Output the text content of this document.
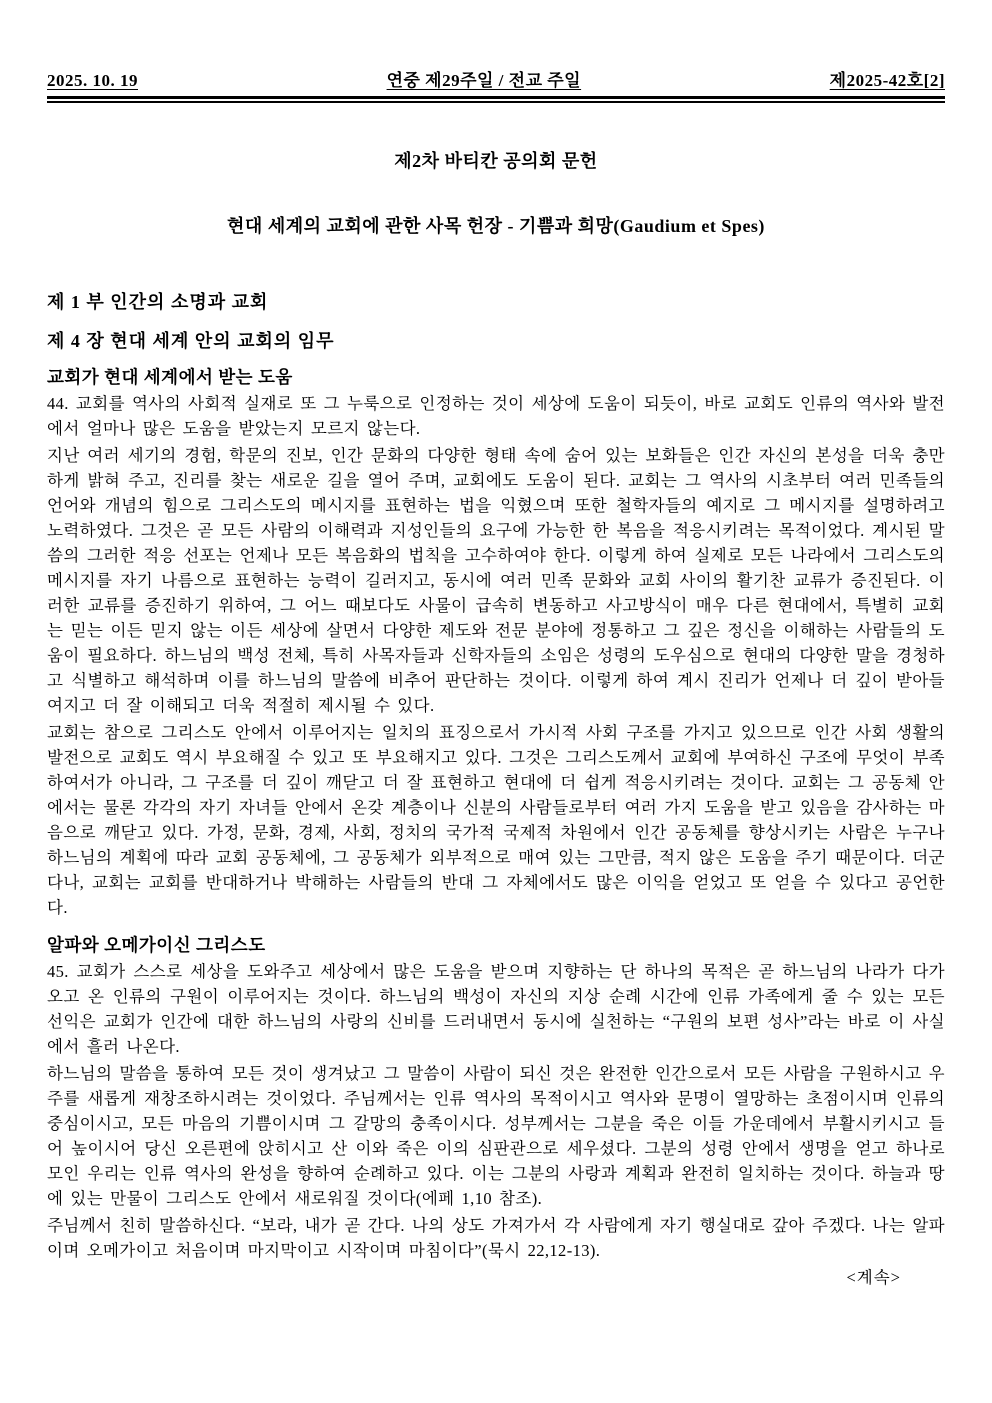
2025. 10. 19	연중 제29주일 / 전교 주일	제2025-42호[2]
제2차 바티칸 공의회 문헌
현대 세계의 교회에 관한 사목 헌장 - 기쁨과 희망(Gaudium et Spes)
제 1 부 인간의 소명과 교회
제 4 장 현대 세계 안의 교회의 임무
교회가 현대 세계에서 받는 도움

44. 교회를 역사의 사회적 실재로 또 그 누룩으로 인정하는 것이 세상에 도움이 되듯이, 바로 교회도 인류의 역사와 발전에서 얼마나 많은 도움을 받았는지 모르지 않는다.

지난 여러 세기의 경험, 학문의 진보, 인간 문화의 다양한 형태 속에 숨어 있는 보화들은 인간 자신의 본성을 더욱 충만하게 밝혀 주고, 진리를 찾는 새로운 길을 열어 주며, 교회에도 도움이 된다. 교회는 그 역사의 시초부터 여러 민족들의 언어와 개념의 힘으로 그리스도의 메시지를 표현하는 법을 익혔으며 또한 철학자들의 예지로 그 메시지를 설명하려고 노력하였다. 그것은 곧 모든 사람의 이해력과 지성인들의 요구에 가능한 한 복음을 적응시키려는 목적이었다. 계시된 말씀의 그러한 적응 선포는 언제나 모든 복음화의 법칙을 고수하여야 한다. 이렇게 하여 실제로 모든 나라에서 그리스도의 메시지를 자기 나름으로 표현하는 능력이 길러지고, 동시에 여러 민족 문화와 교회 사이의 활기찬 교류가 증진된다. 이러한 교류를 증진하기 위하여, 그 어느 때보다도 사물이 급속히 변동하고 사고방식이 매우 다른 현대에서, 특별히 교회는 믿는 이든 믿지 않는 이든 세상에 살면서 다양한 제도와 전문 분야에 정통하고 그 깊은 정신을 이해하는 사람들의 도움이 필요하다. 하느님의 백성 전체, 특히 사목자들과 신학자들의 소임은 성령의 도우심으로 현대의 다양한 말을 경청하고 식별하고 해석하며 이를 하느님의 말씀에 비추어 판단하는 것이다. 이렇게 하여 계시 진리가 언제나 더 깊이 받아들여지고 더 잘 이해되고 더욱 적절히 제시될 수 있다.

교회는 참으로 그리스도 안에서 이루어지는 일치의 표징으로서 가시적 사회 구조를 가지고 있으므로 인간 사회 생활의 발전으로 교회도 역시 부요해질 수 있고 또 부요해지고 있다. 그것은 그리스도께서 교회에 부여하신 구조에 무엇이 부족하여서가 아니라, 그 구조를 더 깊이 깨닫고 더 잘 표현하고 현대에 더 쉽게 적응시키려는 것이다. 교회는 그 공동체 안에서는 물론 각각의 자기 자녀들 안에서 온갖 계층이나 신분의 사람들로부터 여러 가지 도움을 받고 있음을 감사하는 마음으로 깨닫고 있다. 가정, 문화, 경제, 사회, 정치의 국가적 국제적 차원에서 인간 공동체를 향상시키는 사람은 누구나 하느님의 계획에 따라 교회 공동체에, 그 공동체가 외부적으로 매여 있는 그만큼, 적지 않은 도움을 주기 때문이다. 더군다나, 교회는 교회를 반대하거나 박해하는 사람들의 반대 그 자체에서도 많은 이익을 얻었고 또 얻을 수 있다고 공언한다.

알파와 오메가이신 그리스도

45. 교회가 스스로 세상을 도와주고 세상에서 많은 도움을 받으며 지향하는 단 하나의 목적은 곧 하느님의 나라가 다가오고 온 인류의 구원이 이루어지는 것이다. 하느님의 백성이 자신의 지상 순례 시간에 인류 가족에게 줄 수 있는 모든 선익은 교회가 인간에 대한 하느님의 사랑의 신비를 드러내면서 동시에 실천하는 “구원의 보편 성사”라는 바로 이 사실에서 흘러 나온다.

하느님의 말씀을 통하여 모든 것이 생겨났고 그 말씀이 사람이 되신 것은 완전한 인간으로서 모든 사람을 구원하시고 우주를 새롭게 재창조하시려는 것이었다. 주님께서는 인류 역사의 목적이시고 역사와 문명이 열망하는 초점이시며 인류의 중심이시고, 모든 마음의 기쁨이시며 그 갈망의 충족이시다. 성부께서는 그분을 죽은 이들 가운데에서 부활시키시고 들어 높이시어 당신 오른편에 앉히시고 산 이와 죽은 이의 심판관으로 세우셨다. 그분의 성령 안에서 생명을 얻고 하나로 모인 우리는 인류 역사의 완성을 향하여 순례하고 있다. 이는 그분의 사랑과 계획과 완전히 일치하는 것이다. 하늘과 땅에 있는 만물이 그리스도 안에서 새로워질 것이다(에페 1,10 참조).

주님께서 친히 말씀하신다. “보라, 내가 곧 간다. 나의 상도 가져가서 각 사람에게 자기 행실대로 갚아 주겠다. 나는 알파이며 오메가이고 처음이며 마지막이고 시작이며 마침이다”(묵시 22,12-13).

<계속>
